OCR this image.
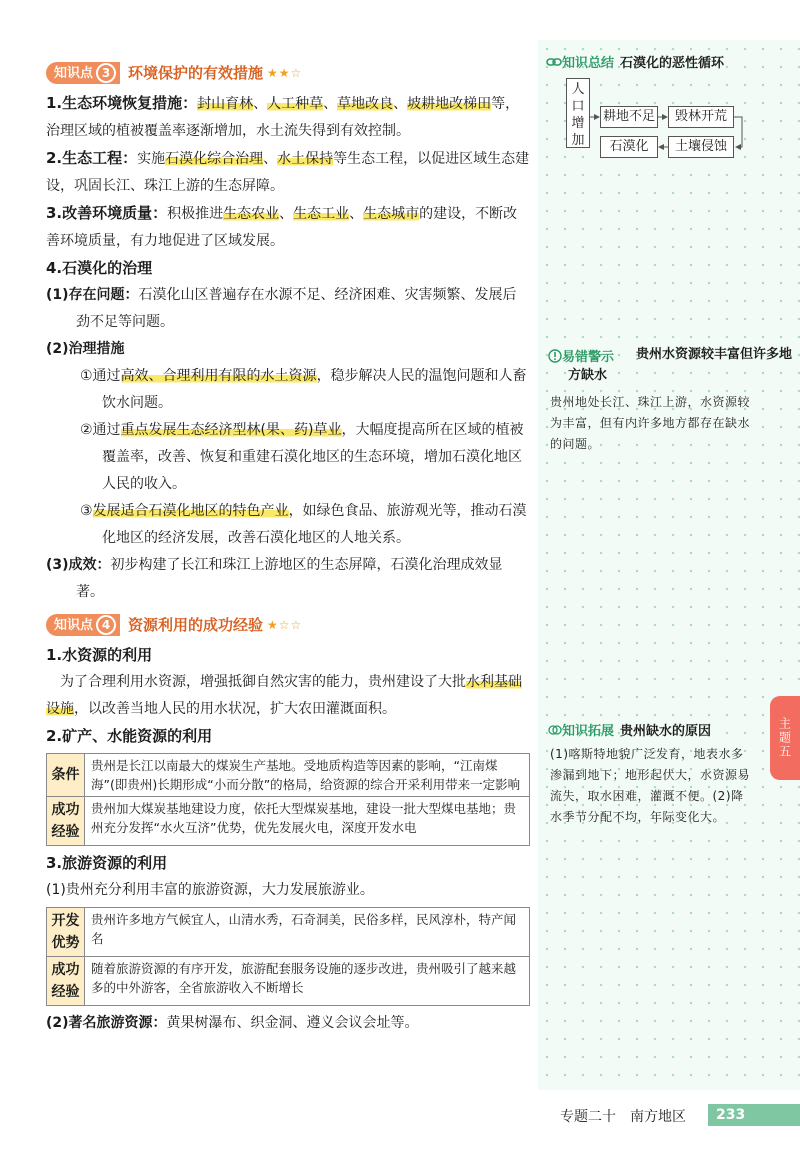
知识点 3	环境保护的有效措施 ★★☆
1.生态环境恢复措施：封山育林、人工种草、草地改良、坡耕地改梯田等，治理区域的植被覆盖率逐渐增加，水土流失得到有效控制。
2.生态工程：实施石漠化综合治理、水土保持等生态工程，以促进区域生态建设，巩固长江、珠江上游的生态屏障。
3.改善环境质量：积极推进生态农业、生态工业、生态城市的建设，不断改善环境质量，有力地促进了区域发展。
4.石漠化的治理
(1)存在问题：石漠化山区普遍存在水源不足、经济困难、灾害频繁、发展后劲不足等问题。
(2)治理措施
①通过高效、合理利用有限的水土资源，稳步解决人民的温饱问题和人畜饮水问题。
②通过重点发展生态经济型林(果、药)草业，大幅度提高所在区域的植被覆盖率，改善、恢复和重建石漠化地区的生态环境，增加石漠化地区人民的收入。
③发展适合石漠化地区的特色产业，如绿色食品、旅游观光等，推动石漠化地区的经济发展，改善石漠化地区的人地关系。
(3)成效：初步构建了长江和珠江上游地区的生态屏障，石漠化治理成效显著。
知识点 4	资源利用的成功经验 ★☆☆
1.水资源的利用
为了合理利用水资源，增强抵御自然灾害的能力，贵州建设了大批水利基础设施，以改善当地人民的用水状况，扩大农田灌溉面积。
2.矿产、水能资源的利用
条件	贵州是长江以南最大的煤炭生产基地。受地质构造等因素的影响，“江南煤海”(即贵州)长期形成“小而分散”的格局，给资源的综合开采利用带来一定影响
成功经验	贵州加大煤炭基地建设力度，依托大型煤炭基地，建设一批大型煤电基地；贵州充分发挥“水火互济”优势，优先发展火电，深度开发水电
3.旅游资源的利用
(1)贵州充分利用丰富的旅游资源，大力发展旅游业。
开发优势	贵州许多地方气候宜人，山清水秀，石奇洞美，民俗多样，民风淳朴，特产闻名
成功经验	随着旅游资源的有序开发，旅游配套服务设施的逐步改进，贵州吸引了越来越多的中外游客，全省旅游收入不断增长
(2)著名旅游资源：黄果树瀑布、织金洞、遵义会议会址等。
知识总结 石漠化的恶性循环
人口增加
耕地不足	毁林开荒
石漠化	土壤侵蚀
易错警示	贵州水资源较丰富但许多地方缺水
贵州地处长江、珠江上游，水资源较为丰富，但有内许多地方都存在缺水的问题。
知识拓展 贵州缺水的原因
(1)喀斯特地貌广泛发育，地表水多渗漏到地下；地形起伏大，水资源易流失，取水困难，灌溉不便。(2)降水季节分配不均，年际变化大。
主题五
专题二十 南方地区	233
